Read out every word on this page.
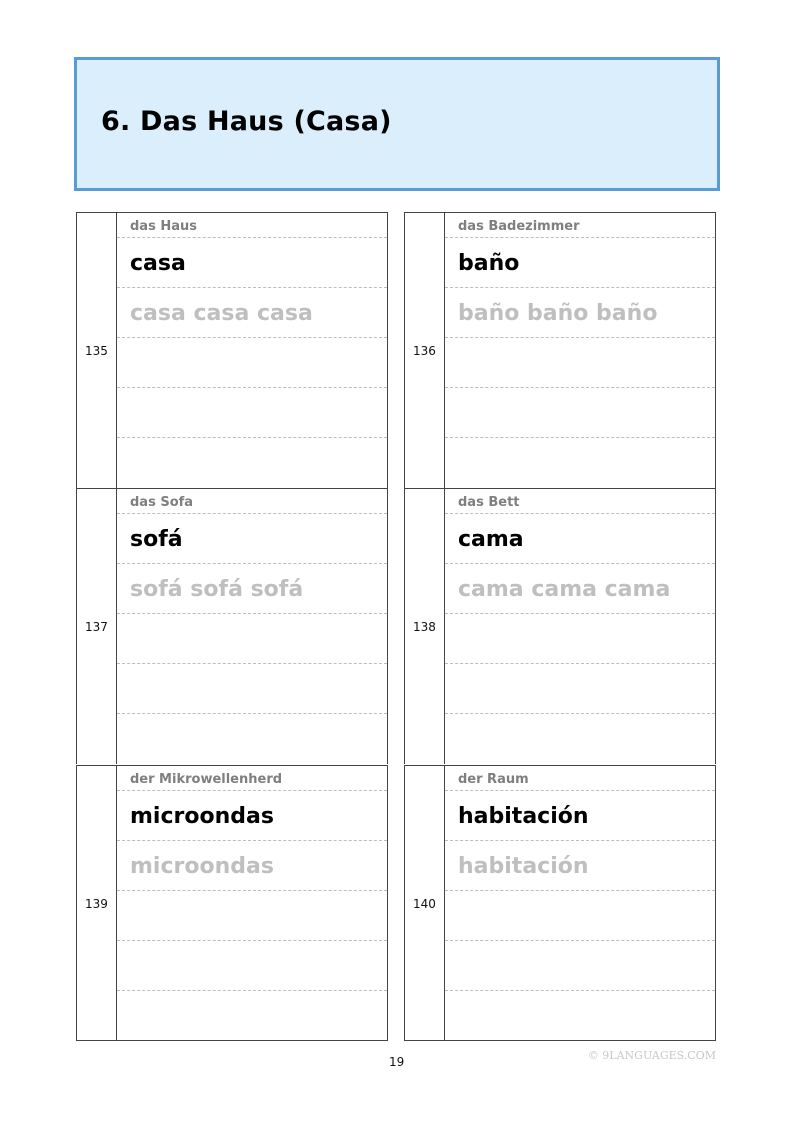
6. Das Haus (Casa)
135
das Haus
casa
casa casa casa
136
das Badezimmer
baño
baño baño baño
137
das Sofa
sofá
sofá sofá sofá
138
das Bett
cama
cama cama cama
139
der Mikrowellenherd
microondas
microondas
140
der Raum
habitación
habitación
19	© 9LANGUAGES.COM
